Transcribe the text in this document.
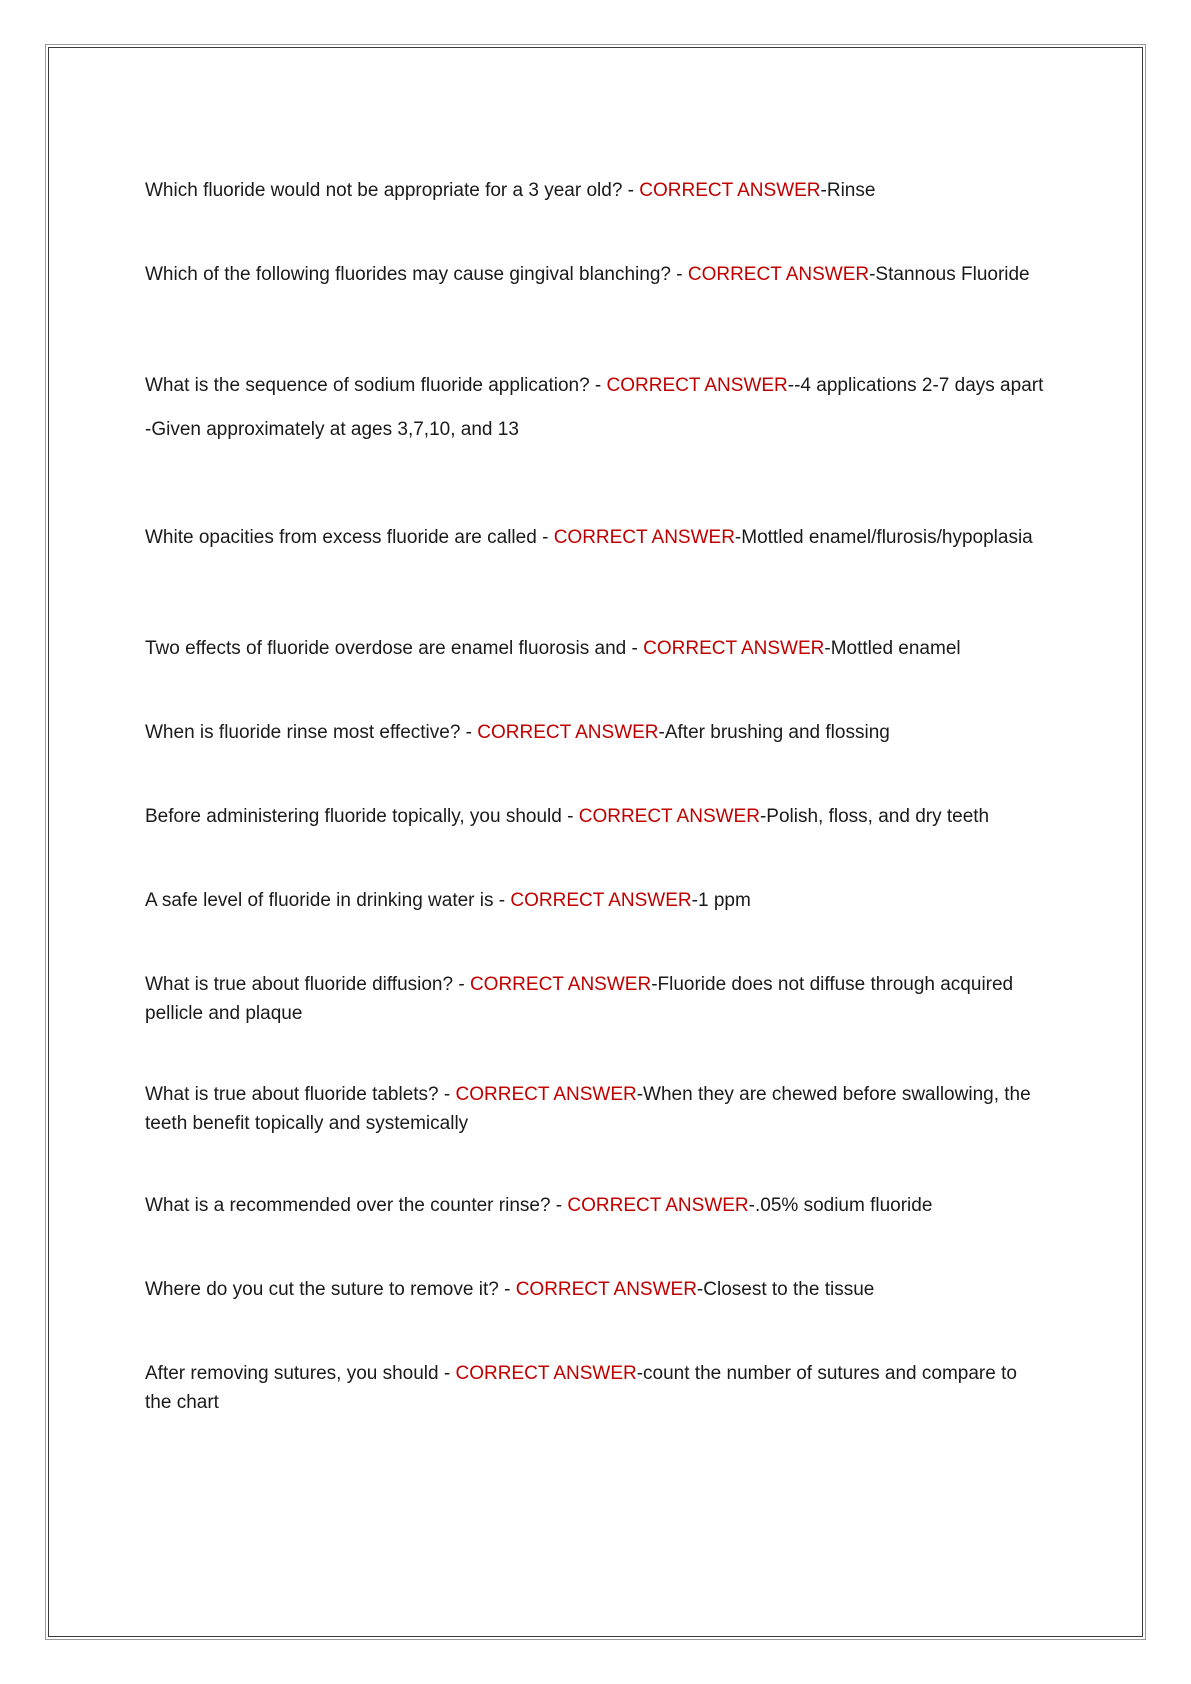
Which fluoride would not be appropriate for a 3 year old? - CORRECT ANSWER-Rinse

Which of the following fluorides may cause gingival blanching? - CORRECT ANSWER-Stannous Fluoride

What is the sequence of sodium fluoride application? - CORRECT ANSWER--4 applications 2-7 days apart

-Given approximately at ages 3,7,10, and 13

White opacities from excess fluoride are called - CORRECT ANSWER-Mottled enamel/flurosis/hypoplasia

Two effects of fluoride overdose are enamel fluorosis and - CORRECT ANSWER-Mottled enamel

When is fluoride rinse most effective? - CORRECT ANSWER-After brushing and flossing

Before administering fluoride topically, you should - CORRECT ANSWER-Polish, floss, and dry teeth

A safe level of fluoride in drinking water is - CORRECT ANSWER-1 ppm

What is true about fluoride diffusion? - CORRECT ANSWER-Fluoride does not diffuse through acquired pellicle and plaque

What is true about fluoride tablets? - CORRECT ANSWER-When they are chewed before swallowing, the teeth benefit topically and systemically

What is a recommended over the counter rinse? - CORRECT ANSWER-.05% sodium fluoride

Where do you cut the suture to remove it? - CORRECT ANSWER-Closest to the tissue

After removing sutures, you should - CORRECT ANSWER-count the number of sutures and compare to the chart
